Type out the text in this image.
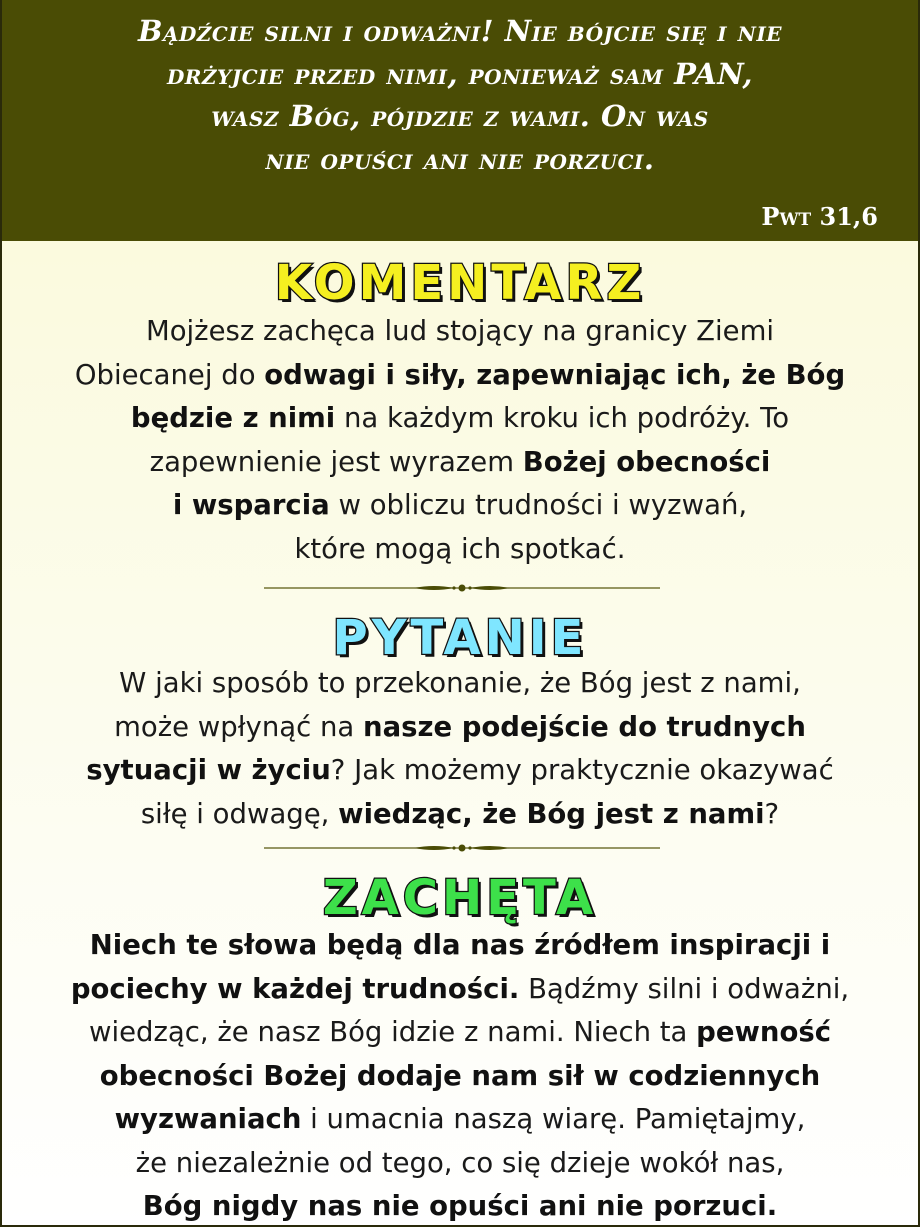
Bądźcie silni i odważni! Nie bójcie się i nie
drżyjcie przed nimi, ponieważ sam PAN,
wasz Bóg, pójdzie z wami. On was
nie opuści ani nie porzuci.

Pwt 31,6
KOMENTARZ

Mojżesz zachęca lud stojący na granicy Ziemi
Obiecanej do odwagi i siły, zapewniając ich, że Bóg
będzie z nimi na każdym kroku ich podróży. To
zapewnienie jest wyrazem Bożej obecności
i wsparcia w obliczu trudności i wyzwań,
które mogą ich spotkać.

PYTANIE

W jaki sposób to przekonanie, że Bóg jest z nami,
może wpłynąć na nasze podejście do trudnych
sytuacji w życiu? Jak możemy praktycznie okazywać
siłę i odwagę, wiedząc, że Bóg jest z nami?

ZACHĘTA

Niech te słowa będą dla nas źródłem inspiracji i
pociechy w każdej trudności. Bądźmy silni i odważni,
wiedząc, że nasz Bóg idzie z nami. Niech ta pewność
obecności Bożej dodaje nam sił w codziennych
wyzwaniach i umacnia naszą wiarę. Pamiętajmy,
że niezależnie od tego, co się dzieje wokół nas,
Bóg nigdy nas nie opuści ani nie porzuci.
